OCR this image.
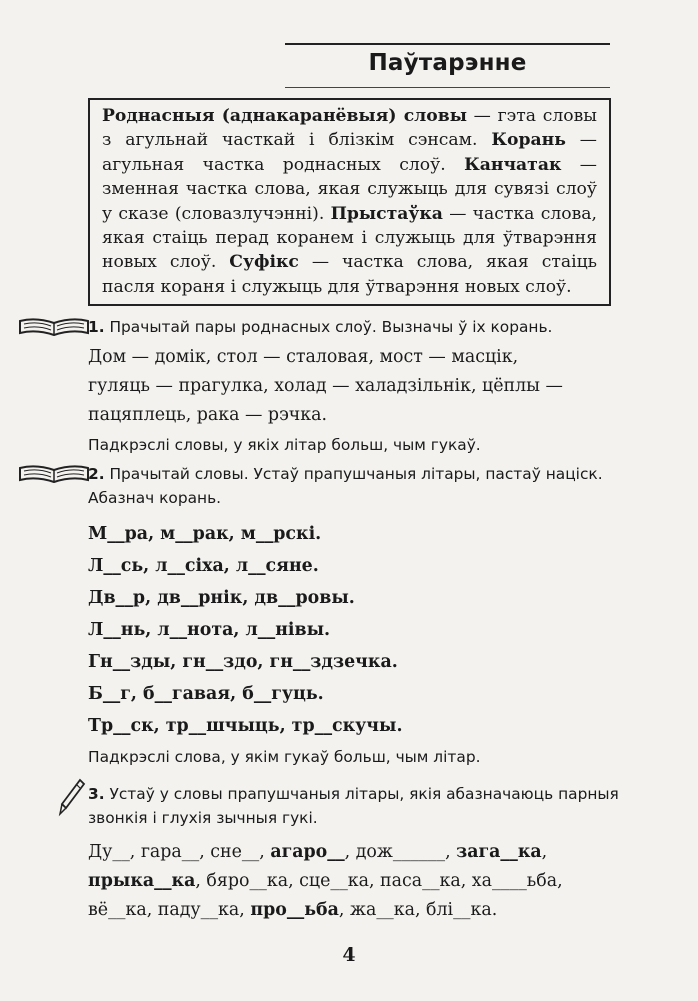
Паўтарэнне
Роднасныя (аднакаранёвыя) словы — гэта словы з агульнай часткай і блізкім сэнсам. Корань — агульная частка роднасных слоў. Канчатак — зменная частка слова, якая служыць для сувязі слоў у сказе (словазлучэнні). Прыстаўка — частка слова, якая стаіць перад коранем і служыць для ўтварэння новых слоў. Суфікс — частка слова, якая стаіць пасля кораня і служыць для ўтварэння новых слоў.
1. Прачытай пары роднасных слоў. Вызначы ў іх корань.
Дом — домік, стол — сталовая, мост — масцік,
гуляць — прагулка, холад — халадзільнік, цёплы —
пацяплець, рака — рэчка.
Падкрэслі словы, у якіх літар больш, чым гукаў.
2. Прачытай словы. Устаў прапушчаныя літары, пастаў націск. Абазнач корань.
М__ра, м__рак, м__рскі.
Л__сь, л__сіха, л__сяне.
Дв__р, дв__рнік, дв__ровы.
Л__нь, л__нота, л__нівы.
Гн__зды, гн__здо, гн__здзечка.
Б__г, б__гавая, б__гуць.
Тр__ск, тр__шчыць, тр__скучы.
Падкрэслі слова, у якім гукаў больш, чым літар.
3. Устаў у словы прапушчаныя літары, якія абазначаюць парныя звонкія і глухія зычныя гукі.
Ду__, гара__, сне__, агаро__, дож______, зага__ка,
прыка__ка, бяро__ка, сце__ка, паса__ка, ха____ьба,
вё__ка, паду__ка, про__ьба, жа__ка, блі__ка.
4
